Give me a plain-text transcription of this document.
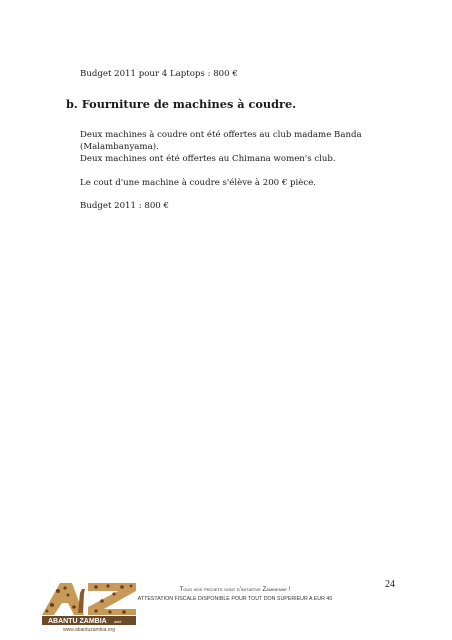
Budget 2011 pour 4 Laptops : 800 €
b. Fourniture de machines à coudre.
Deux machines à coudre ont été offertes au club madame Banda
(Malambanyama).
Deux machines ont été offertes au Chimana women's club.
Le cout d'une machine à coudre s'élève à 200 € pièce.
Budget 2011 : 800 €
24
Tous nos projets sont d'initiative Zambienne !
ATTESTATION FISCALE DISPONIBLE POUR TOUT DON SUPERIEUR A EUR 40
ABANTU ZAMBIA asbl
www.abantuzambia.org
